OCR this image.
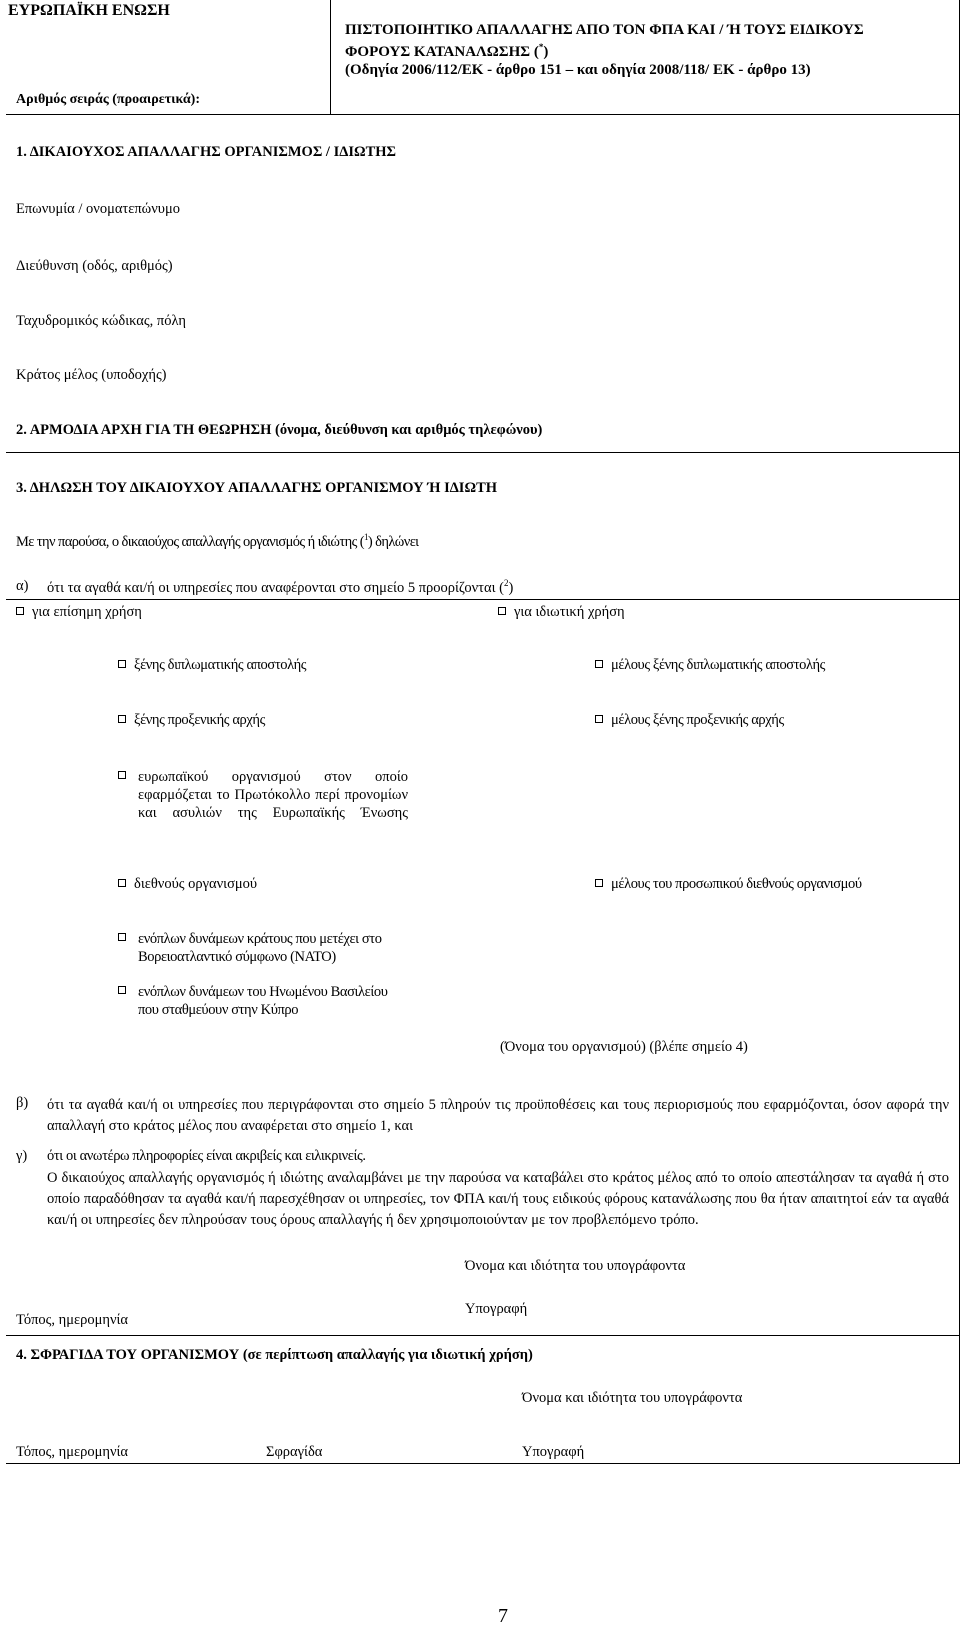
ΕΥΡΩΠΑΪΚΗ ΕΝΩΣΗ
ΠΙΣΤΟΠΟΙΗΤΙΚΟ ΑΠΑΛΛΑΓΗΣ ΑΠΟ ΤΟΝ ΦΠΑ ΚΑΙ / Ή ΤΟΥΣ ΕΙΔΙΚΟΥΣ
ΦΟΡΟΥΣ ΚΑΤΑΝΑΛΩΣΗΣ (*)
(Οδηγία 2006/112/ΕΚ - άρθρο 151 – και οδηγία 2008/118/ ΕΚ - άρθρο 13)
Αριθμός σειράς (προαιρετικά):
1. ΔΙΚΑΙΟΥΧΟΣ ΑΠΑΛΛΑΓΗΣ ΟΡΓΑΝΙΣΜΟΣ / ΙΔΙΩΤΗΣ
Επωνυμία / ονοματεπώνυμο
Διεύθυνση (οδός, αριθμός)
Ταχυδρομικός κώδικας, πόλη
Κράτος μέλος (υποδοχής)
2. ΑΡΜΟΔΙΑ ΑΡΧΗ ΓΙΑ ΤΗ ΘΕΩΡΗΣΗ (όνομα, διεύθυνση και αριθμός τηλεφώνου)
3. ΔΗΛΩΣΗ ΤΟΥ ΔΙΚΑΙΟΥΧΟΥ ΑΠΑΛΛΑΓΗΣ ΟΡΓΑΝΙΣΜΟΥ Ή ΙΔΙΩΤΗ
Με την παρούσα, ο δικαιούχος απαλλαγής οργανισμός ή ιδιώτης ($^1$) δηλώνει
α) ότι τα αγαθά και/ή οι υπηρεσίες που αναφέρονται στο σημείο 5 προορίζονται ($^2$)
για επίσημη χρήση	για ιδιωτική χρήση
ξένης διπλωματικής αποστολής	μέλους ξένης διπλωματικής αποστολής
ξένης προξενικής αρχής	μέλους ξένης προξενικής αρχής
ευρωπαϊκού οργανισμού στον οποίο εφαρμόζεται το Πρωτόκολλο περί προνομίων και ασυλιών της Ευρωπαϊκής Ένωσης
διεθνούς οργανισμού	μέλους του προσωπικού διεθνούς οργανισμού
ενόπλων δυνάμεων κράτους που μετέχει στο Βορειοατλαντικό σύμφωνο (ΝΑΤΟ)
ενόπλων δυνάμεων του Ηνωμένου Βασιλείου που σταθμεύουν στην Κύπρο
(Όνομα του οργανισμού) (βλέπε σημείο 4)
β) ότι τα αγαθά και/ή οι υπηρεσίες που περιγράφονται στο σημείο 5 πληρούν τις προϋποθέσεις και τους περιορισμούς που εφαρμόζονται, όσον αφορά την απαλλαγή στο κράτος μέλος που αναφέρεται στο σημείο 1, και
γ) ότι οι ανωτέρω πληροφορίες είναι ακριβείς και ειλικρινείς.
Ο δικαιούχος απαλλαγής οργανισμός ή ιδιώτης αναλαμβάνει με την παρούσα να καταβάλει στο κράτος μέλος από το οποίο απεστάλησαν τα αγαθά ή στο οποίο παραδόθησαν τα αγαθά και/ή παρεσχέθησαν οι υπηρεσίες, τον ΦΠΑ και/ή τους ειδικούς φόρους κατανάλωσης που θα ήταν απαιτητοί εάν τα αγαθά και/ή οι υπηρεσίες δεν πληρούσαν τους όρους απαλλαγής ή δεν χρησιμοποιούνταν με τον προβλεπόμενο τρόπο.
Όνομα και ιδιότητα του υπογράφοντα
Υπογραφή
Τόπος, ημερομηνία
4. ΣΦΡΑΓΙΔΑ ΤΟΥ ΟΡΓΑΝΙΣΜΟΥ (σε περίπτωση απαλλαγής για ιδιωτική χρήση)
Όνομα και ιδιότητα του υπογράφοντα
Τόπος, ημερομηνία	Σφραγίδα	Υπογραφή
7
